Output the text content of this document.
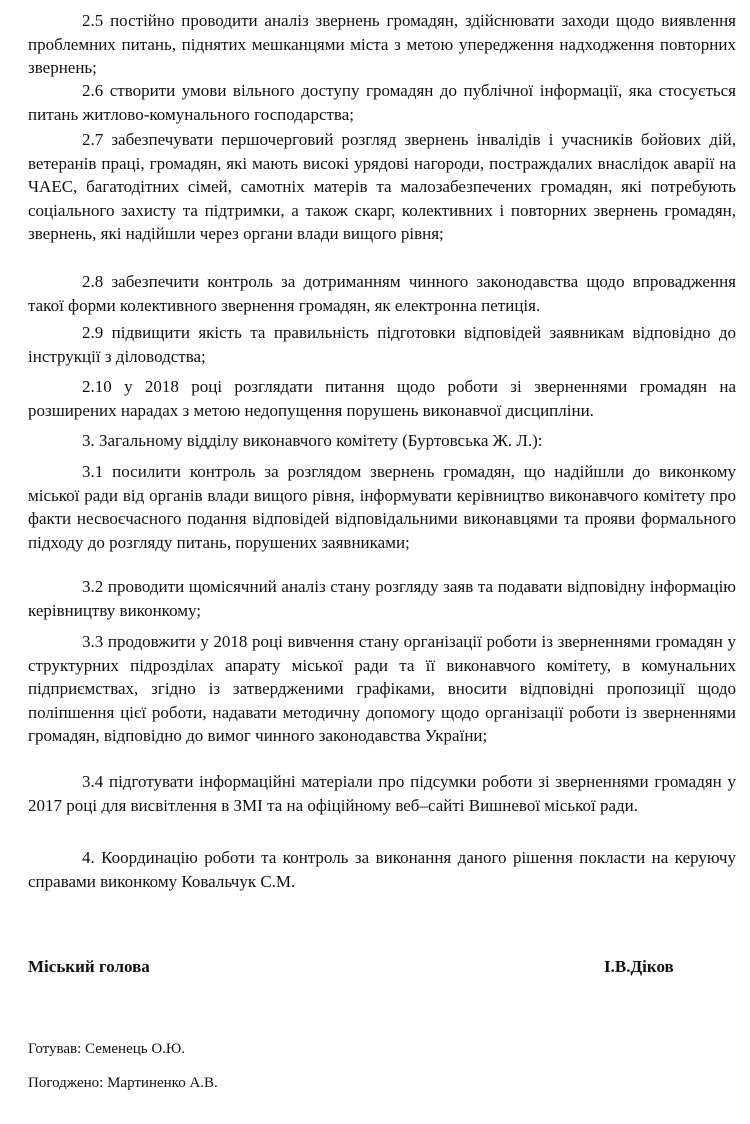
2.5 постійно проводити аналіз звернень громадян, здійснювати заходи щодо виявлення проблемних питань, піднятих мешканцями міста з метою упередження надходження повторних звернень;

2.6 створити умови вільного доступу громадян до публічної інформації, яка стосується питань житлово-комунального господарства;

2.7 забезпечувати першочерговий розгляд звернень інвалідів і учасників бойових дій, ветеранів праці, громадян, які мають високі урядові нагороди, постраждалих внаслідок аварії на ЧАЕС, багатодітних сімей, самотніх матерів та малозабезпечених громадян, які потребують соціального захисту та підтримки, а також скарг, колективних і повторних звернень громадян, звернень, які надійшли через органи влади вищого рівня;

2.8 забезпечити контроль за дотриманням чинного законодавства щодо впровадження такої форми колективного звернення громадян, як електронна петиція.

2.9 підвищити якість та правильність підготовки відповідей заявникам відповідно до інструкції з діловодства;

2.10 у 2018 році розглядати питання щодо роботи зі зверненнями громадян на розширених нарадах з метою недопущення порушень виконавчої дисципліни.

3. Загальному відділу виконавчого комітету (Буртовська Ж. Л.):

3.1 посилити контроль за розглядом звернень громадян, що надійшли до виконкому міської ради від органів влади вищого рівня, інформувати керівництво виконавчого комітету про факти несвоєчасного подання відповідей відповідальними виконавцями та прояви формального підходу до розгляду питань, порушених заявниками;

3.2 проводити щомісячний аналіз стану розгляду заяв та подавати відповідну інформацію керівництву виконкому;

3.3 продовжити у 2018 році вивчення стану організації роботи із зверненнями громадян у структурних підрозділах апарату міської ради та її виконавчого комітету, в комунальних підприємствах, згідно із затвердженими графіками, вносити відповідні пропозиції щодо поліпшення цієї роботи, надавати методичну допомогу щодо організації роботи із зверненнями громадян, відповідно до вимог чинного законодавства України;

3.4 підготувати інформаційні матеріали про підсумки роботи зі зверненнями громадян у 2017 році для висвітлення в ЗМІ та на офіційному веб–сайті Вишневої міської ради.

4. Координацію роботи та контроль за виконання даного рішення покласти на керуючу справами виконкому Ковальчук С.М.

Міський голова	І.В.Діков

Готував: Семенець О.Ю.

Погоджено: Мартиненко А.В.
